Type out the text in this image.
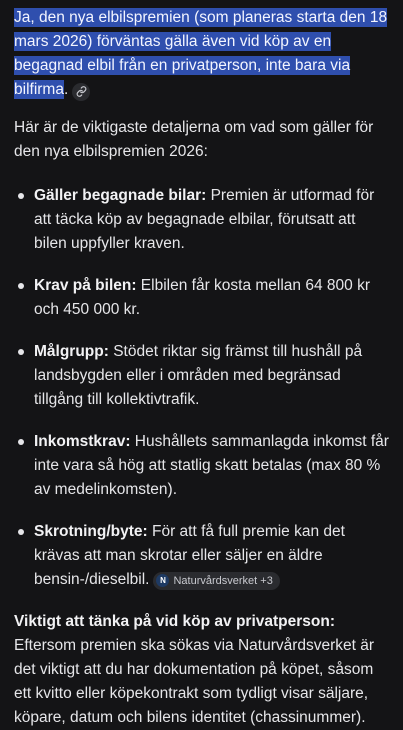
Ja, den nya elbilspremien (som planeras starta den 18 mars 2026) förväntas gälla även vid köp av en begagnad elbil från en privatperson, inte bara via bilfirma.

Här är de viktigaste detaljerna om vad som gäller för den nya elbilspremien 2026:

Gäller begagnade bilar: Premien är utformad för att täcka köp av begagnade elbilar, förutsatt att bilen uppfyller kraven.
Krav på bilen: Elbilen får kosta mellan 64 800 kr och 450 000 kr.
Målgrupp: Stödet riktar sig främst till hushåll på landsbygden eller i områden med begränsad tillgång till kollektivtrafik.
Inkomstkrav: Hushållets sammanlagda inkomst får inte vara så hög att statlig skatt betalas (max 80 % av medelinkomsten).
Skrotning/byte: För att få full premie kan det krävas att man skrotar eller säljer en äldre bensin-/dieselbil.	N Naturvårdsverket +3

Viktigt att tänka på vid köp av privatperson:
Eftersom premien ska sökas via Naturvårdsverket är det viktigt att du har dokumentation på köpet, såsom ett kvitto eller köpekontrakt som tydligt visar säljare, köpare, datum och bilens identitet (chassinummer).
